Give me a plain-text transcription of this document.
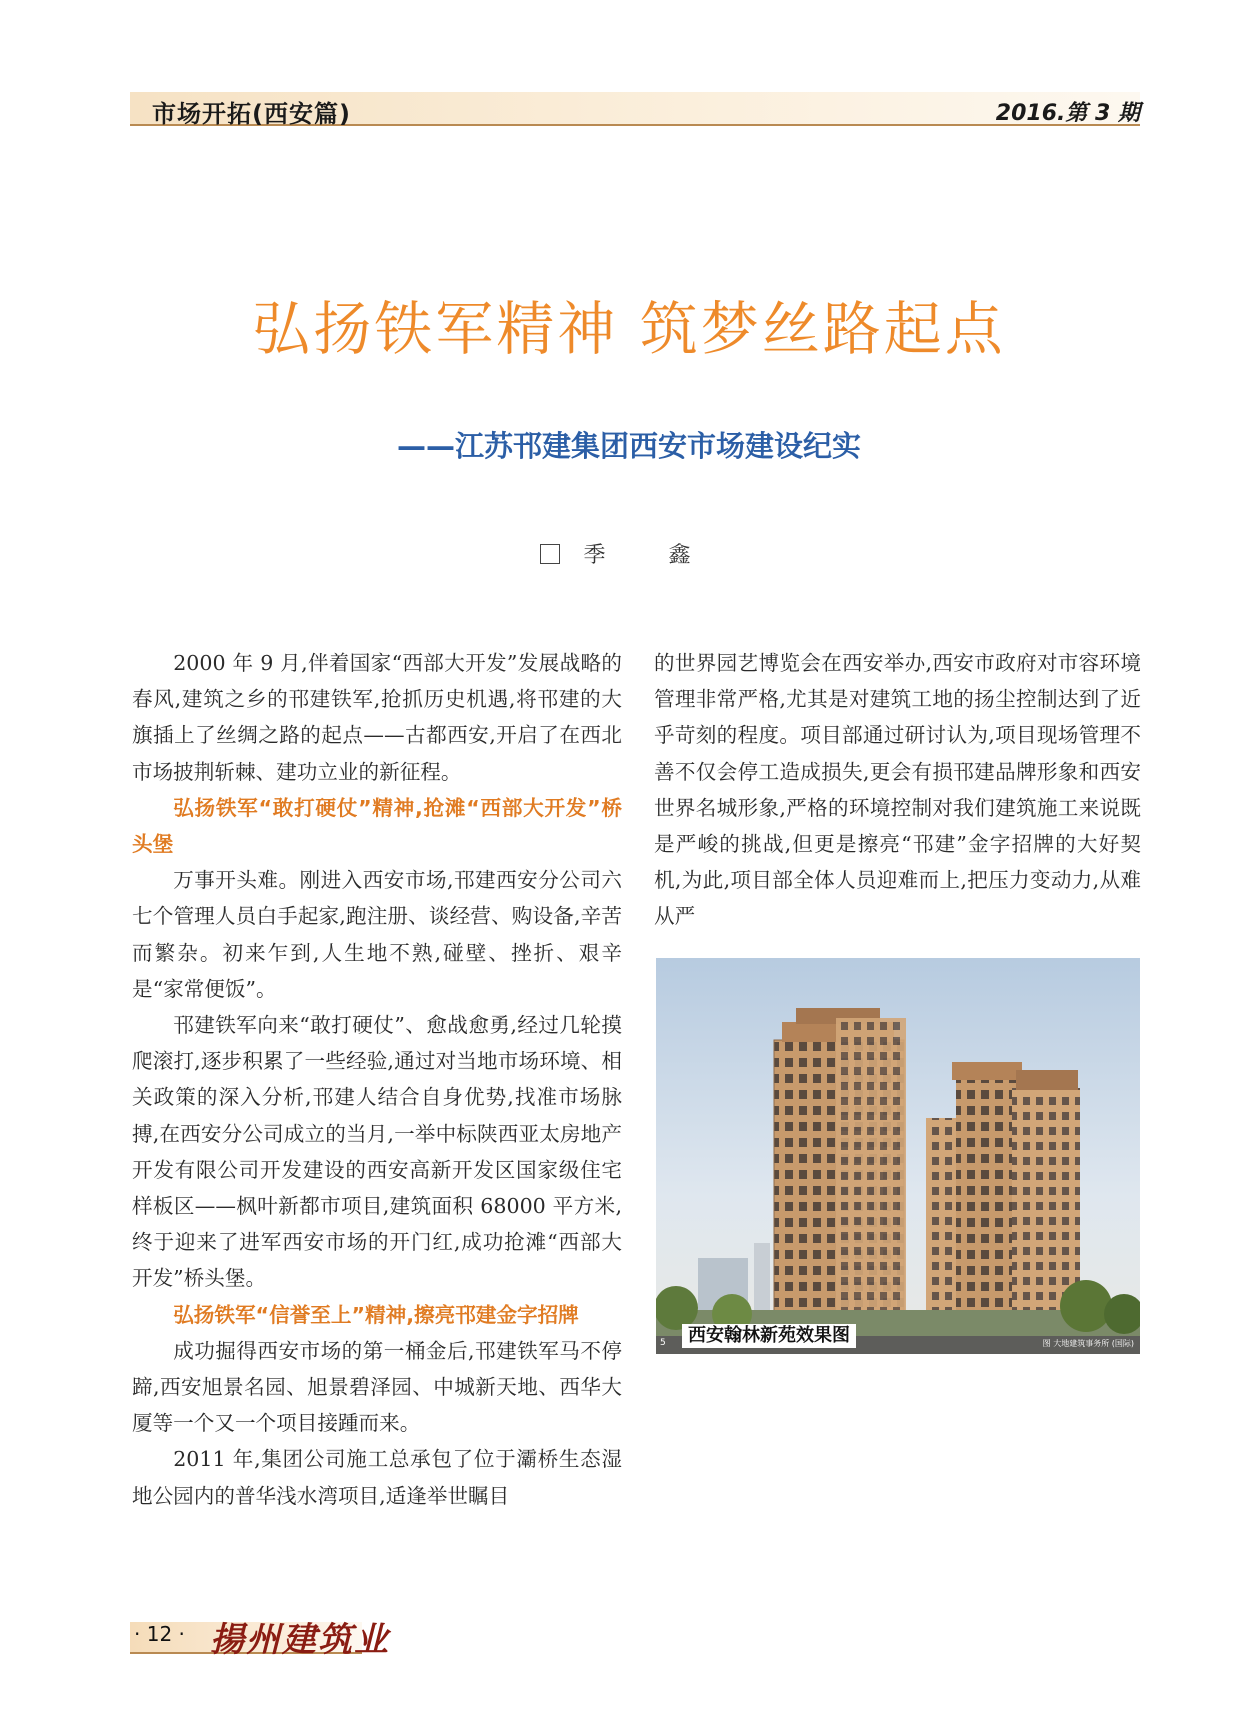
市场开拓(西安篇)	2016.第 3 期
弘扬铁军精神 筑梦丝路起点
——江苏邗建集团西安市场建设纪实
季 鑫

2000 年 9 月,伴着国家“西部大开发”发展战略的春风,建筑之乡的邗建铁军,抢抓历史机遇,将邗建的大旗插上了丝绸之路的起点——古都西安,开启了在西北市场披荆斩棘、建功立业的新征程。

弘扬铁军“敢打硬仗”精神,抢滩“西部大开发”桥头堡

万事开头难。刚进入西安市场,邗建西安分公司六七个管理人员白手起家,跑注册、谈经营、购设备,辛苦而繁杂。初来乍到,人生地不熟,碰壁、挫折、艰辛是“家常便饭”。

邗建铁军向来“敢打硬仗”、愈战愈勇,经过几轮摸爬滚打,逐步积累了一些经验,通过对当地市场环境、相关政策的深入分析,邗建人结合自身优势,找准市场脉搏,在西安分公司成立的当月,一举中标陕西亚太房地产开发有限公司开发建设的西安高新开发区国家级住宅样板区——枫叶新都市项目,建筑面积 68000 平方米,终于迎来了进军西安市场的开门红,成功抢滩“西部大开发”桥头堡。

弘扬铁军“信誉至上”精神,擦亮邗建金字招牌

成功掘得西安市场的第一桶金后,邗建铁军马不停蹄,西安旭景名园、旭景碧泽园、中城新天地、西华大厦等一个又一个项目接踵而来。

2011 年,集团公司施工总承包了位于灞桥生态湿地公园内的普华浅水湾项目,适逢举世瞩目

的世界园艺博览会在西安举办,西安市政府对市容环境管理非常严格,尤其是对建筑工地的扬尘控制达到了近乎苛刻的程度。项目部通过研讨认为,项目现场管理不善不仅会停工造成损失,更会有损邗建品牌形象和西安世界名城形象,严格的环境控制对我们建筑施工来说既是严峻的挑战,但更是擦亮“邗建”金字招牌的大好契机,为此,项目部全体人员迎难而上,把压力变动力,从难从严

西安翰林新苑效果图
5	图 大地建筑事务所 (国际)
· 12 · 揚州建筑业
